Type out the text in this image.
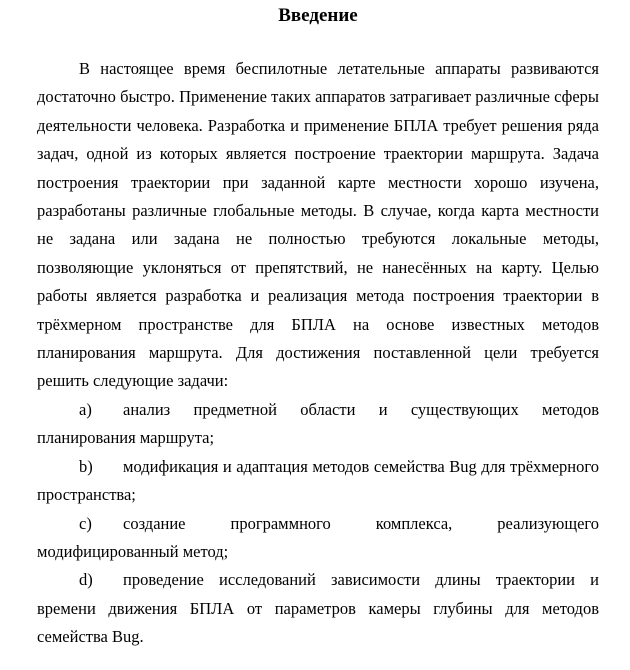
Введение

В настоящее время беспилотные летательные аппараты развиваются достаточно быстро. Применение таких аппаратов затрагивает различные сферы деятельности человека. Разработка и применение БПЛА требует решения ряда задач, одной из которых является построение траектории маршрута. Задача построения траектории при заданной карте местности хорошо изучена, разработаны различные глобальные методы. В случае, когда карта местности не задана или задана не полностью требуются локальные методы, позволяющие уклоняться от препятствий, не нанесённых на карту. Целью работы является разработка и реализация метода построения траектории в трёхмерном пространстве для БПЛА на основе известных методов планирования маршрута. Для достижения поставленной цели требуется решить следующие задачи:

a) анализ предметной области и существующих методов планирования маршрута;
b) модификация и адаптация методов семейства Bug для трёхмерного пространства;
c) создание программного комплекса, реализующего модифицированный метод;
d) проведение исследований зависимости длины траектории и времени движения БПЛА от параметров камеры глубины для методов семейства Bug.
